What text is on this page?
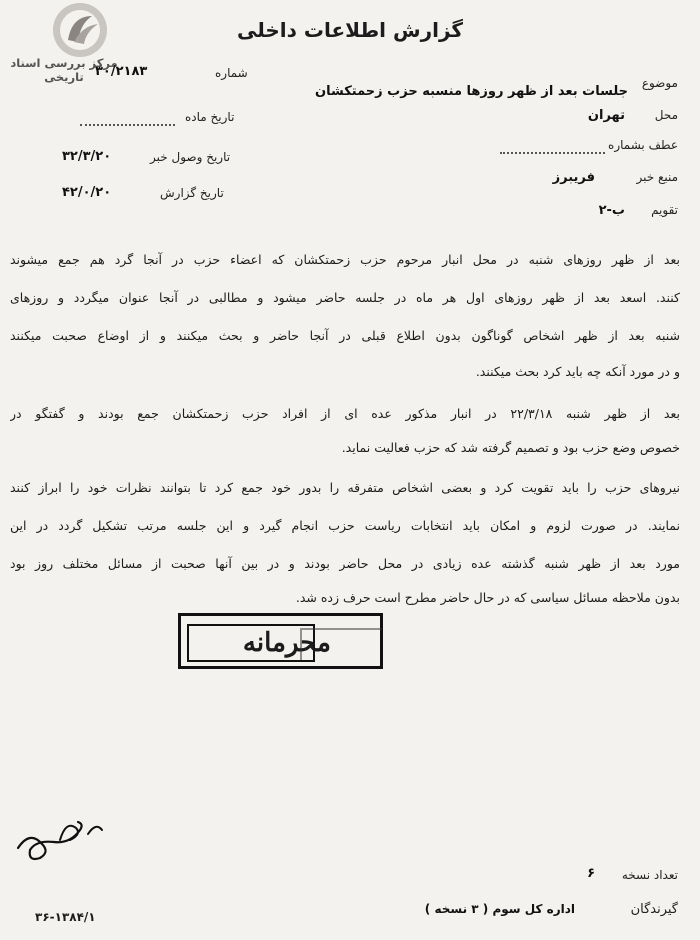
مرکز بررسی اسناد تاریخی
گزارش اطلاعات داخلی
شماره
۳۰/۲۱۸۳
تاریخ ماده
تاریخ وصول خبر
۳۲/۳/۲۰
تاریخ گزارش
۴۲/۰/۲۰
موضوع
جلسات بعد از ظهر روزها منسبه حزب زحمتکشان
محل
تهران
عطف بشماره
منبع خبر
فریبرز
تقویم
ب-۲
بعد از ظهر روزهای شنبه در محل انبار مرحوم حزب زحمتکشان که اعضاء حزب در آنجا گرد هم جمع میشوند
کنند. اسعد بعد از ظهر روزهای اول هر ماه در جلسه حاضر میشود و مطالبی در آنجا عنوان میگردد و روزهای
شنبه بعد از ظهر اشخاص گوناگون بدون اطلاع قبلی در آنجا حاضر و بحث میکنند و از اوضاع صحبت میکنند
و در مورد آنکه چه باید کرد بحث میکنند.
بعد از ظهر شنبه ۲۲/۳/۱۸ در انبار مذکور عده ای از افراد حزب زحمتکشان جمع بودند و گفتگو در
خصوص وضع حزب بود و تصمیم گرفته شد که حزب فعالیت نماید.
نیروهای حزب را باید تقویت کرد و بعضی اشخاص متفرقه را بدور خود جمع کرد تا بتوانند نظرات خود را ابراز کنند
نمایند. در صورت لزوم و امکان باید انتخابات ریاست حزب انجام گیرد و این جلسه مرتب تشکیل گردد در این
مورد بعد از ظهر شنبه گذشته عده زیادی در محل حاضر بودند و در بین آنها صحبت از مسائل مختلف روز بود
بدون ملاحظه مسائل سیاسی که در حال حاضر مطرح است حرف زده شد.
محرمانه
تعداد نسخه
۶
گیرندگان
اداره کل سوم ( ۳ نسخه )
۳۶-۱۳۸۴/۱
